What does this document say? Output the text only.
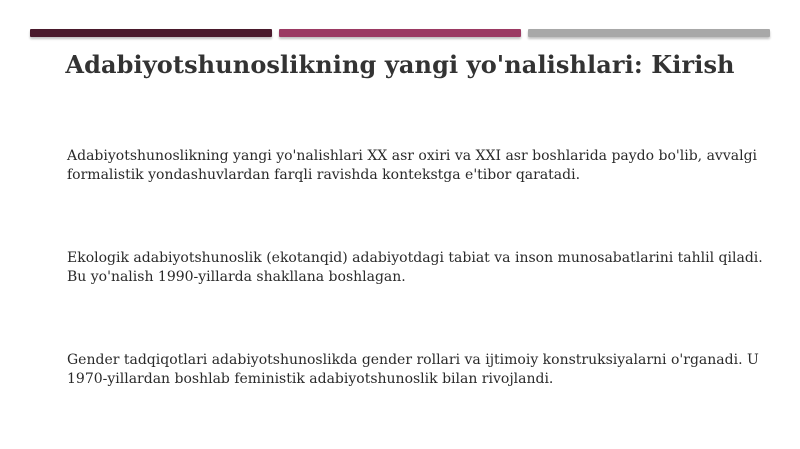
Adabiyotshunoslikning yangi yo'nalishlari: Kirish

Adabiyotshunoslikning yangi yo'nalishlari XX asr oxiri va XXI asr boshlarida paydo bo'lib, avvalgi formalistik yondashuvlardan farqli ravishda kontekstga e'tibor qaratadi.

Ekologik adabiyotshunoslik (ekotanqid) adabiyotdagi tabiat va inson munosabatlarini tahlil qiladi. Bu yo'nalish 1990-yillarda shakllana boshlagan.

Gender tadqiqotlari adabiyotshunoslikda gender rollari va ijtimoiy konstruksiyalarni o'rganadi. U 1970-yillardan boshlab feministik adabiyotshunoslik bilan rivojlandi.
